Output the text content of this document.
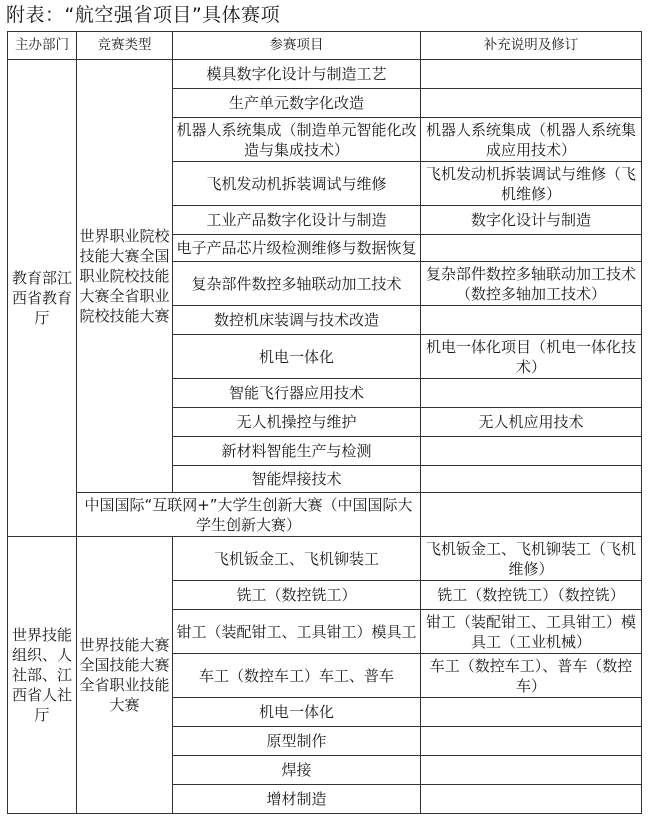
附表：“航空强省项目”具体赛项
主办部门	竞赛类型	参赛项目	补充说明及修订
教育部江西省教育厅	世界职业院校技能大赛全国职业院校技能大赛全省职业院校技能大赛	模具数字化设计与制造工艺	
		生产单元数字化改造	
		机器人系统集成（制造单元智能化改造与集成技术）	机器人系统集成（机器人系统集成应用技术）
		飞机发动机拆装调试与维修	飞机发动机拆装调试与维修（飞机维修）
		工业产品数字化设计与制造	数字化设计与制造
		电子产品芯片级检测维修与数据恢复	
		复杂部件数控多轴联动加工技术	复杂部件数控多轴联动加工技术（数控多轴加工技术）
		数控机床装调与技术改造	
		机电一体化	机电一体化项目（机电一体化技术）
		智能飞行器应用技术	
		无人机操控与维护	无人机应用技术
		新材料智能生产与检测	
		智能焊接技术	
	中国国际“互联网+”大学生创新大赛（中国国际大学生创新大赛）		
世界技能组织、人社部、江西省人社厅	世界技能大赛全国技能大赛全省职业技能大赛	飞机钣金工、飞机铆装工	飞机钣金工、飞机铆装工（飞机维修）
		铣工（数控铣工）	铣工（数控铣工）（数控铣）
		钳工（装配钳工、工具钳工）模具工	钳工（装配钳工、工具钳工）模具工（工业机械）
		车工（数控车工）车工、普车	车工（数控车工）、普车（数控车）
		机电一体化	
		原型制作	
		焊接	
		增材制造	
